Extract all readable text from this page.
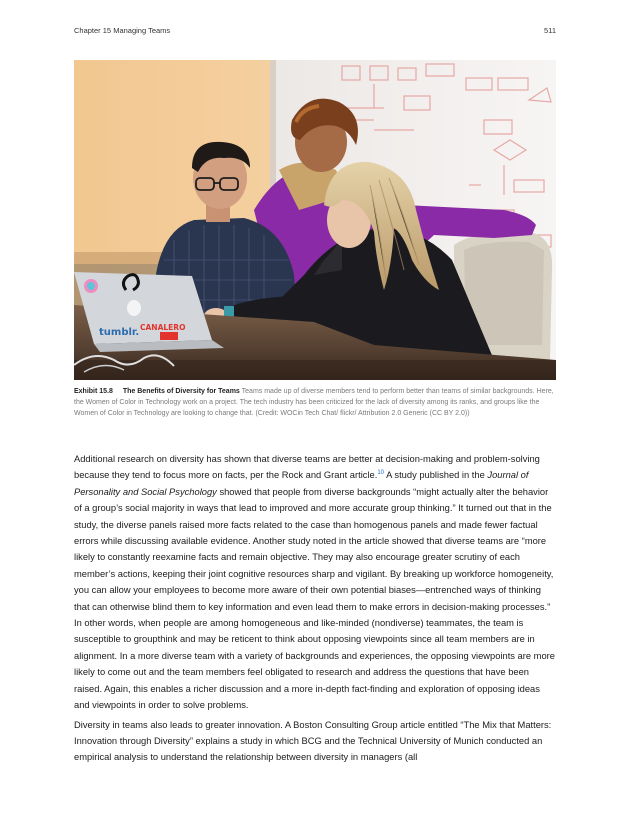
Chapter 15 Managing Teams	511
tumblr. CANALERO
Exhibit 15.8 The Benefits of Diversity for Teams Teams made up of diverse members tend to perform better than teams of similar backgrounds. Here, the Women of Color in Technology work on a project. The tech industry has been criticized for the lack of diversity among its ranks, and groups like the Women of Color in Technology are looking to change that. (Credit: WOCin Tech Chat/ flickr/ Attribution 2.0 Generic (CC BY 2.0))

Additional research on diversity has shown that diverse teams are better at decision-making and problem-solving because they tend to focus more on facts, per the Rock and Grant article.$^{10}$ A study published in the Journal of Personality and Social Psychology showed that people from diverse backgrounds “might actually alter the behavior of a group’s social majority in ways that lead to improved and more accurate group thinking.” It turned out that in the study, the diverse panels raised more facts related to the case than homogenous panels and made fewer factual errors while discussing available evidence. Another study noted in the article showed that diverse teams are “more likely to constantly reexamine facts and remain objective. They may also encourage greater scrutiny of each member’s actions, keeping their joint cognitive resources sharp and vigilant. By breaking up workforce homogeneity, you can allow your employees to become more aware of their own potential biases—entrenched ways of thinking that can otherwise blind them to key information and even lead them to make errors in decision-making processes.” In other words, when people are among homogeneous and like-minded (nondiverse) teammates, the team is susceptible to groupthink and may be reticent to think about opposing viewpoints since all team members are in alignment. In a more diverse team with a variety of backgrounds and experiences, the opposing viewpoints are more likely to come out and the team members feel obligated to research and address the questions that have been raised. Again, this enables a richer discussion and a more in-depth fact-finding and exploration of opposing ideas and viewpoints in order to solve problems.

Diversity in teams also leads to greater innovation. A Boston Consulting Group article entitled “The Mix that Matters: Innovation through Diversity” explains a study in which BCG and the Technical University of Munich conducted an empirical analysis to understand the relationship between diversity in managers (all
